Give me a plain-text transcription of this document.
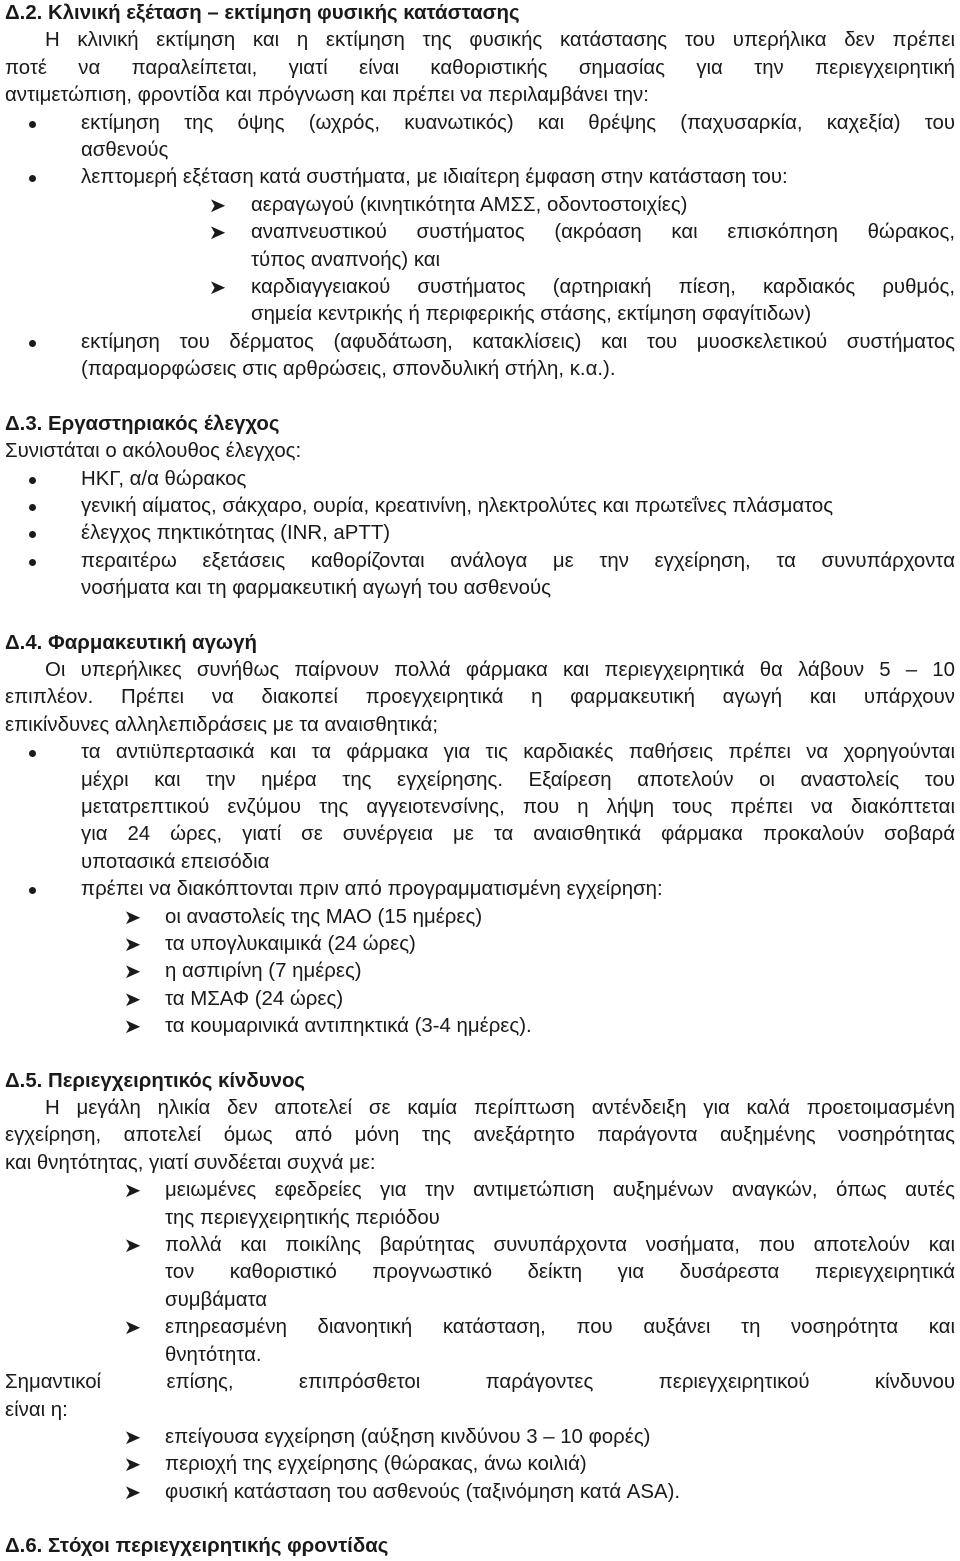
Δ.2. Κλινική εξέταση – εκτίμηση φυσικής κατάστασης
Η κλινική εκτίμηση και η εκτίμηση της φυσικής κατάστασης του υπερήλικα δεν πρέπει
ποτέ να παραλείπεται, γιατί είναι καθοριστικής σημασίας για την περιεγχειρητική
αντιμετώπιση, φροντίδα και πρόγνωση και πρέπει να περιλαμβάνει την:
εκτίμηση της όψης (ωχρός, κυανωτικός) και θρέψης (παχυσαρκία, καχεξία) του
ασθενούς
λεπτομερή εξέταση κατά συστήματα, με ιδιαίτερη έμφαση στην κατάσταση του:
➤ αεραγωγού (κινητικότητα ΑΜΣΣ, οδοντοστοιχίες)
➤ αναπνευστικού συστήματος (ακρόαση και επισκόπηση θώρακος,
τύπος αναπνοής) και
➤ καρδιαγγειακού συστήματος (αρτηριακή πίεση, καρδιακός ρυθμός,
σημεία κεντρικής ή περιφερικής στάσης, εκτίμηση σφαγίτιδων)
εκτίμηση του δέρματος (αφυδάτωση, κατακλίσεις) και του μυοσκελετικού συστήματος
(παραμορφώσεις στις αρθρώσεις, σπονδυλική στήλη, κ.α.).
Δ.3. Εργαστηριακός έλεγχος
Συνιστάται ο ακόλουθος έλεγχος:
ΗΚΓ, α/α θώρακος
γενική αίματος, σάκχαρο, ουρία, κρεατινίνη, ηλεκτρολύτες και πρωτεΐνες πλάσματος
έλεγχος πηκτικότητας (INR, aPTT)
περαιτέρω εξετάσεις καθορίζονται ανάλογα με την εγχείρηση, τα συνυπάρχοντα
νοσήματα και τη φαρμακευτική αγωγή του ασθενούς
Δ.4. Φαρμακευτική αγωγή
Οι υπερήλικες συνήθως παίρνουν πολλά φάρμακα και περιεγχειρητικά θα λάβουν 5 – 10
επιπλέον. Πρέπει να διακοπεί προεγχειρητικά η φαρμακευτική αγωγή και υπάρχουν
επικίνδυνες αλληλεπιδράσεις με τα αναισθητικά;
τα αντιϋπερτασικά και τα φάρμακα για τις καρδιακές παθήσεις πρέπει να χορηγούνται
μέχρι και την ημέρα της εγχείρησης. Εξαίρεση αποτελούν οι αναστολείς του
μετατρεπτικού ενζύμου της αγγειοτενσίνης, που η λήψη τους πρέπει να διακόπτεται
για 24 ώρες, γιατί σε συνέργεια με τα αναισθητικά φάρμακα προκαλούν σοβαρά
υποτασικά επεισόδια
πρέπει να διακόπτονται πριν από προγραμματισμένη εγχείρηση:
➤ οι αναστολείς της ΜΑΟ (15 ημέρες)
➤ τα υπογλυκαιμικά (24 ώρες)
➤ η ασπιρίνη (7 ημέρες)
➤ τα ΜΣΑΦ (24 ώρες)
➤ τα κουμαρινικά αντιπηκτικά (3-4 ημέρες).
Δ.5. Περιεγχειρητικός κίνδυνος
Η μεγάλη ηλικία δεν αποτελεί σε καμία περίπτωση αντένδειξη για καλά προετοιμασμένη
εγχείρηση, αποτελεί όμως από μόνη της ανεξάρτητο παράγοντα αυξημένης νοσηρότητας
και θνητότητας, γιατί συνδέεται συχνά με:
➤ μειωμένες εφεδρείες για την αντιμετώπιση αυξημένων αναγκών, όπως αυτές
της περιεγχειρητικής περιόδου
➤ πολλά και ποικίλης βαρύτητας συνυπάρχοντα νοσήματα, που αποτελούν και
τον καθοριστικό προγνωστικό δείκτη για δυσάρεστα περιεγχειρητικά
συμβάματα
➤ επηρεασμένη διανοητική κατάσταση, που αυξάνει τη νοσηρότητα και
θνητότητα.
Σημαντικοί επίσης, επιπρόσθετοι παράγοντες περιεγχειρητικού κίνδυνου
είναι η:
➤ επείγουσα εγχείρηση (αύξηση κινδύνου 3 – 10 φορές)
➤ περιοχή της εγχείρησης (θώρακας, άνω κοιλιά)
➤ φυσική κατάσταση του ασθενούς (ταξινόμηση κατά ASA).
Δ.6. Στόχοι περιεγχειρητικής φροντίδας
